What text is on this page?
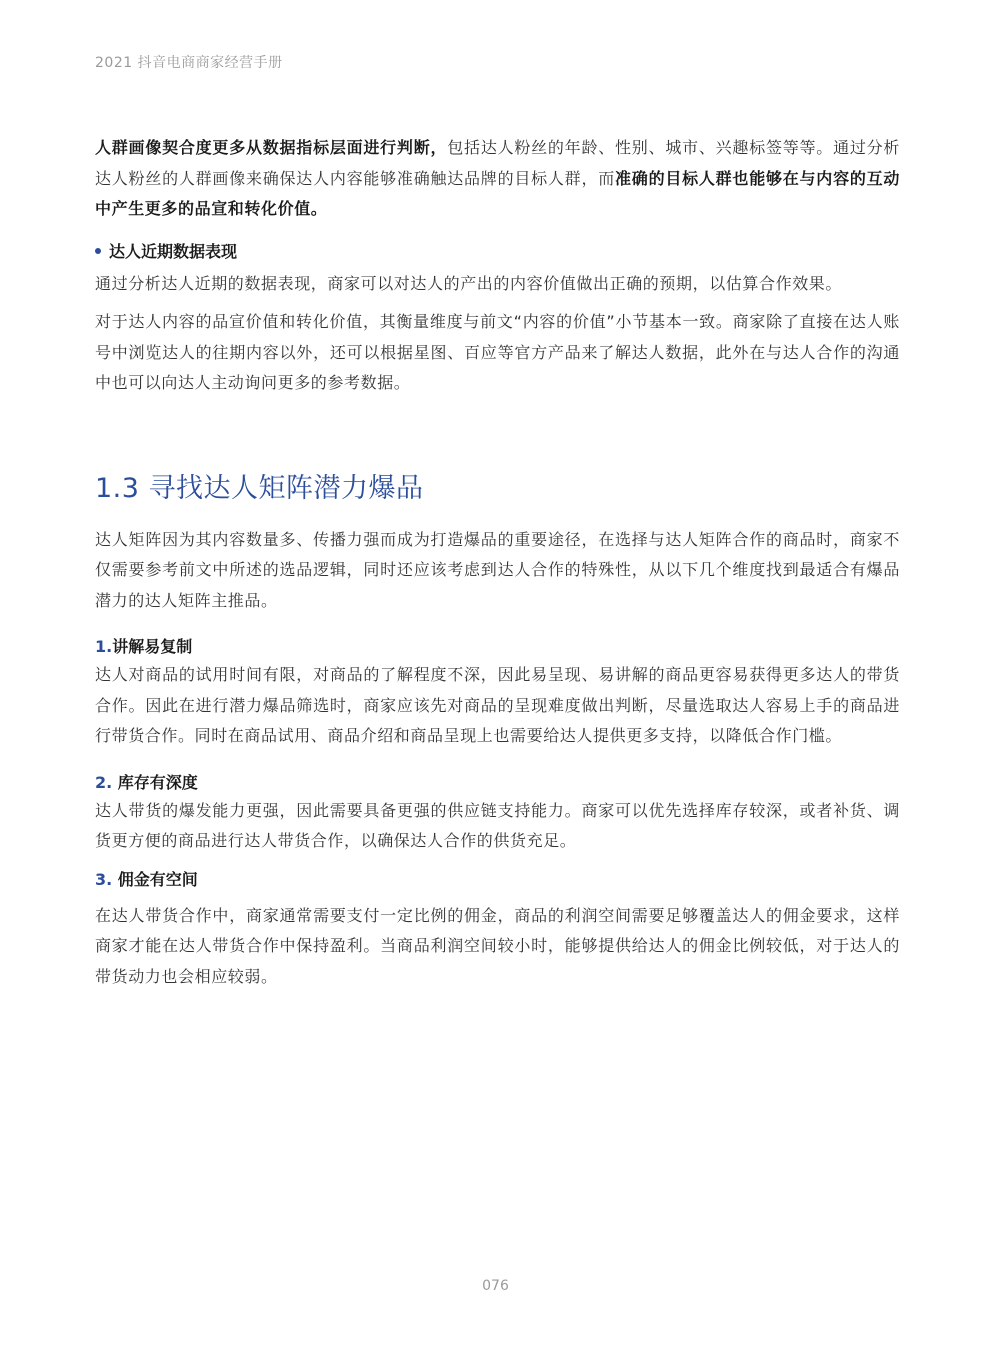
2021 抖音电商商家经营手册

人群画像契合度更多从数据指标层面进行判断，包括达人粉丝的年龄、性别、城市、兴趣标签等等。通过分析达人粉丝的人群画像来确保达人内容能够准确触达品牌的目标人群，而准确的目标人群也能够在与内容的互动中产生更多的品宣和转化价值。

达人近期数据表现

通过分析达人近期的数据表现，商家可以对达人的产出的内容价值做出正确的预期，以估算合作效果。

对于达人内容的品宣价值和转化价值，其衡量维度与前文“内容的价值”小节基本一致。商家除了直接在达人账号中浏览达人的往期内容以外，还可以根据星图、百应等官方产品来了解达人数据，此外在与达人合作的沟通中也可以向达人主动询问更多的参考数据。

1.3 寻找达人矩阵潜力爆品

达人矩阵因为其内容数量多、传播力强而成为打造爆品的重要途径，在选择与达人矩阵合作的商品时，商家不仅需要参考前文中所述的选品逻辑，同时还应该考虑到达人合作的特殊性，从以下几个维度找到最适合有爆品潜力的达人矩阵主推品。

1.讲解易复制

达人对商品的试用时间有限，对商品的了解程度不深，因此易呈现、易讲解的商品更容易获得更多达人的带货合作。因此在进行潜力爆品筛选时，商家应该先对商品的呈现难度做出判断，尽量选取达人容易上手的商品进行带货合作。同时在商品试用、商品介绍和商品呈现上也需要给达人提供更多支持，以降低合作门槛。

2. 库存有深度

达人带货的爆发能力更强，因此需要具备更强的供应链支持能力。商家可以优先选择库存较深，或者补货、调货更方便的商品进行达人带货合作，以确保达人合作的供货充足。

3. 佣金有空间

在达人带货合作中，商家通常需要支付一定比例的佣金，商品的利润空间需要足够覆盖达人的佣金要求，这样商家才能在达人带货合作中保持盈利。当商品利润空间较小时，能够提供给达人的佣金比例较低，对于达人的带货动力也会相应较弱。

076
